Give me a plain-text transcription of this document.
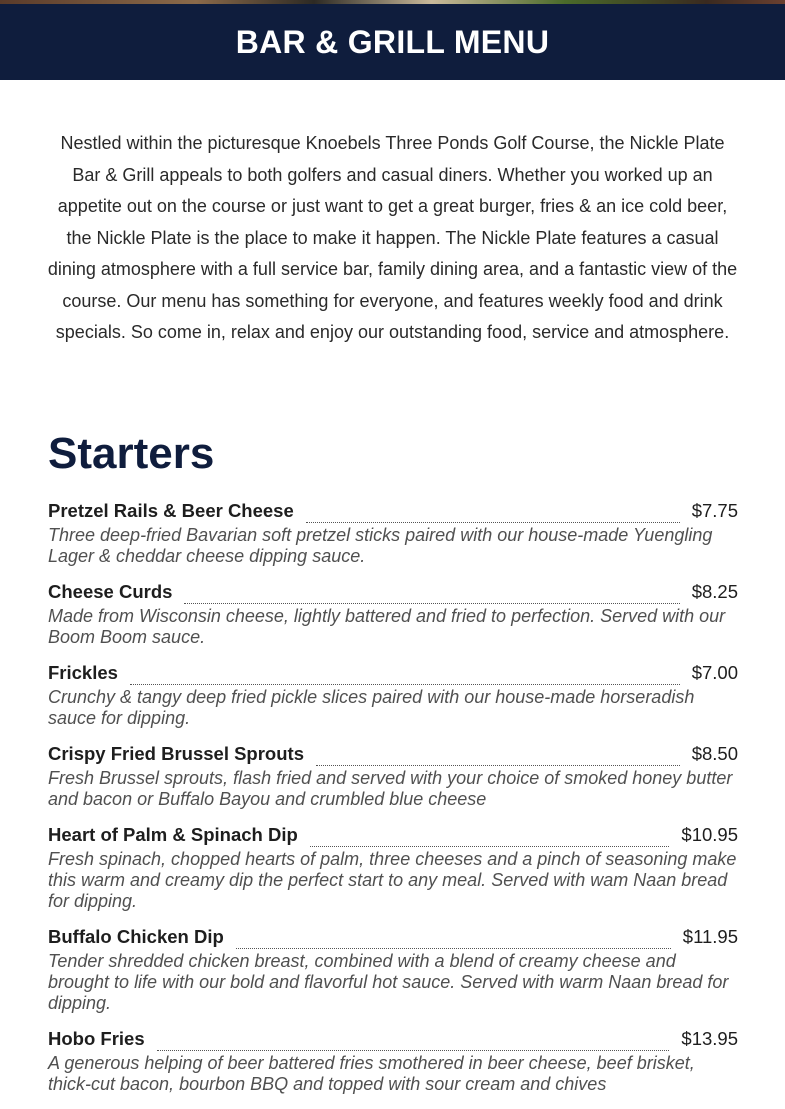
BAR & GRILL MENU
Nestled within the picturesque Knoebels Three Ponds Golf Course, the Nickle Plate Bar & Grill appeals to both golfers and casual diners. Whether you worked up an appetite out on the course or just want to get a great burger, fries & an ice cold beer, the Nickle Plate is the place to make it happen. The Nickle Plate features a casual dining atmosphere with a full service bar, family dining area, and a fantastic view of the course. Our menu has something for everyone, and features weekly food and drink specials. So come in, relax and enjoy our outstanding food, service and atmosphere.
Starters
Pretzel Rails & Beer Cheese	$7.75
Three deep-fried Bavarian soft pretzel sticks paired with our house-made Yuengling Lager & cheddar cheese dipping sauce.
Cheese Curds	$8.25
Made from Wisconsin cheese, lightly battered and fried to perfection. Served with our Boom Boom sauce.
Frickles	$7.00
Crunchy & tangy deep fried pickle slices paired with our house-made horseradish sauce for dipping.
Crispy Fried Brussel Sprouts	$8.50
Fresh Brussel sprouts, flash fried and served with your choice of smoked honey butter and bacon or Buffalo Bayou and crumbled blue cheese
Heart of Palm & Spinach Dip	$10.95
Fresh spinach, chopped hearts of palm, three cheeses and a pinch of seasoning make this warm and creamy dip the perfect start to any meal. Served with wam Naan bread for dipping.
Buffalo Chicken Dip	$11.95
Tender shredded chicken breast, combined with a blend of creamy cheese and brought to life with our bold and flavorful hot sauce. Served with warm Naan bread for dipping.
Hobo Fries	$13.95
A generous helping of beer battered fries smothered in beer cheese, beef brisket, thick-cut bacon, bourbon BBQ and topped with sour cream and chives
